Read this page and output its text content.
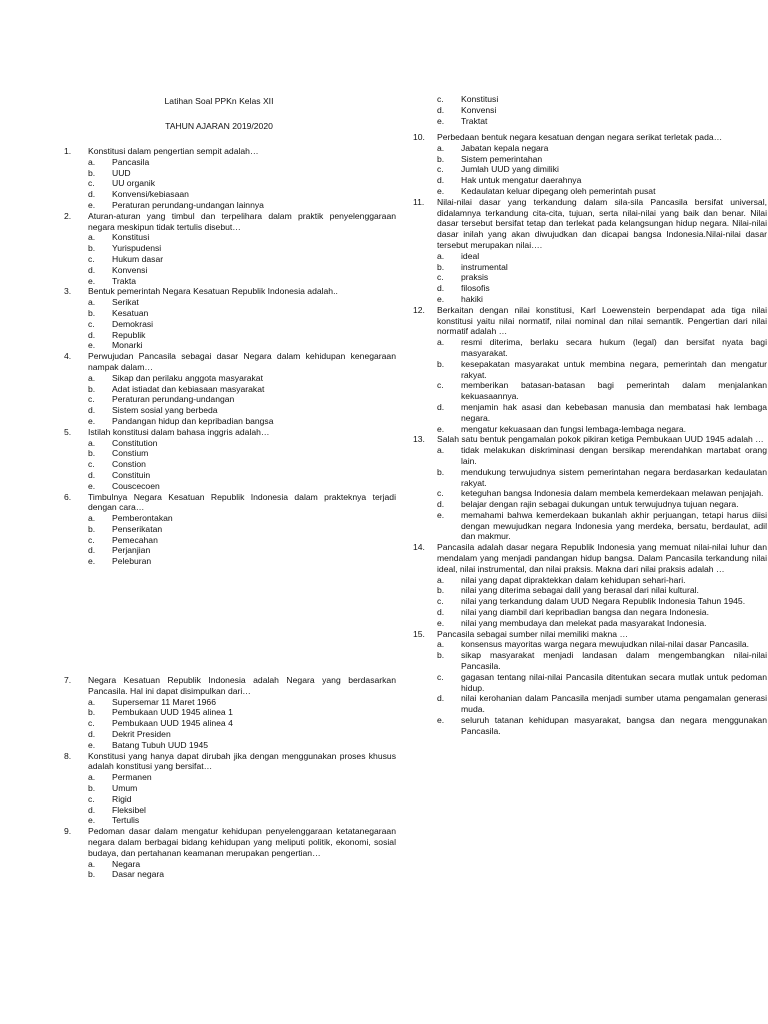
Latihan Soal PPKn Kelas XII
TAHUN AJARAN 2019/2020
1.	Konstitusi dalam pengertian sempit adalah…
a.	Pancasila
b.	UUD
c.	UU organik
d.	Konvensi/kebiasaan
e.	Peraturan perundang-undangan lainnya
2.	Aturan-aturan yang timbul dan terpelihara dalam praktik penyelenggaraan negara meskipun tidak tertulis disebut…
a.	Konstitusi
b.	Yurispudensi
c.	Hukum dasar
d.	Konvensi
e.	Trakta
3.	Bentuk pemerintah Negara Kesatuan Republik Indonesia adalah..
a.	Serikat
b.	Kesatuan
c.	Demokrasi
d.	Republik
e.	Monarki
4.	Perwujudan Pancasila sebagai dasar Negara dalam kehidupan kenegaraan nampak dalam…
a.	Sikap dan perilaku anggota masyarakat
b.	Adat istiadat dan kebiasaan masyarakat
c.	Peraturan perundang-undangan
d.	Sistem sosial yang berbeda
e.	Pandangan hidup dan kepribadian bangsa
5.	Istilah konstitusi dalam bahasa inggris adalah…
a.	Constitution
b.	Constium
c.	Constion
d.	Constituin
e.	Couscecoen
6.	Timbulnya Negara Kesatuan Republik Indonesia dalam prakteknya terjadi dengan cara…
a.	Pemberontakan
b.	Penserikatan
c.	Pemecahan
d.	Perjanjian
e.	Peleburan
7.	Negara Kesatuan Republik Indonesia adalah Negara yang berdasarkan Pancasila. Hal ini dapat disimpulkan dari…
a.	Supersemar 11 Maret 1966
b.	Pembukaan UUD 1945 alinea 1
c.	Pembukaan UUD 1945 alinea 4
d.	Dekrit Presiden
e.	Batang Tubuh UUD 1945
8.	Konstitusi yang hanya dapat dirubah jika dengan menggunakan proses khusus adalah konstitusi yang bersifat…
a.	Permanen
b.	Umum
c.	Rigid
d.	Fleksibel
e.	Tertulis
9.	Pedoman dasar dalam mengatur kehidupan penyelenggaraan ketatanegaraan negara dalam berbagai bidang kehidupan yang meliputi politik, ekonomi, sosial budaya, dan pertahanan keamanan merupakan pengertian…
a.	Negara
b.	Dasar negara
c.	Konstitusi
d.	Konvensi
e.	Traktat
10.	Perbedaan bentuk negara kesatuan dengan negara serikat terletak pada…
a.	Jabatan kepala negara
b.	Sistem pemerintahan
c.	Jumlah UUD yang dimiliki
d.	Hak untuk mengatur daerahnya
e.	Kedaulatan keluar dipegang oleh pemerintah pusat
11.	Nilai-nilai dasar yang terkandung dalam sila-sila Pancasila bersifat universal, didalamnya terkandung cita-cita, tujuan, serta nilai-nilai yang baik dan benar. Nilai dasar tersebut bersifat tetap dan terlekat pada kelangsungan hidup negara. Nilai-nilai dasar inilah yang akan diwujudkan dan dicapai bangsa Indonesia.Nilai-nilai dasar tersebut merupakan nilai….
a.	ideal
b.	instrumental
c.	praksis
d.	filosofis
e.	hakiki
12.	Berkaitan dengan nilai konstitusi, Karl Loewenstein berpendapat ada tiga nilai konstitusi yaitu nilai normatif, nilai nominal dan nilai semantik. Pengertian dari nilai normatif adalah …
a.	resmi diterima, berlaku secara hukum (legal) dan bersifat nyata bagi masyarakat.
b.	kesepakatan masyarakat untuk membina negara, pemerintah dan mengatur rakyat.
c.	memberikan batasan-batasan bagi pemerintah dalam menjalankan kekuasaannya.
d.	menjamin hak asasi dan kebebasan manusia dan membatasi hak lembaga negara.
e.	mengatur kekuasaan dan fungsi lembaga-lembaga negara.
13.	Salah satu bentuk pengamalan pokok pikiran ketiga Pembukaan UUD 1945 adalah …
a.	tidak melakukan diskriminasi dengan bersikap merendahkan martabat orang lain.
b.	mendukung terwujudnya sistem pemerintahan negara berdasarkan kedaulatan rakyat.
c.	keteguhan bangsa Indonesia dalam membela kemerdekaan melawan penjajah.
d.	belajar dengan rajin sebagai dukungan untuk terwujudnya tujuan negara.
e.	memahami bahwa kemerdekaan bukanlah akhir perjuangan, tetapi harus diisi dengan mewujudkan negara Indonesia yang merdeka, bersatu, berdaulat, adil dan makmur.
14.	Pancasila adalah dasar negara Republik Indonesia yang memuat nilai-nilai luhur dan mendalam yang menjadi pandangan hidup bangsa. Dalam Pancasila terkandung nilai ideal, nilai instrumental, dan nilai praksis. Makna dari nilai praksis adalah …
a.	nilai yang dapat dipraktekkan dalam kehidupan sehari-hari.
b.	nilai yang diterima sebagai dalil yang berasal dari nilai kultural.
c.	nilai yang terkandung dalam UUD Negara Republik Indonesia Tahun 1945.
d.	nilai yang diambil dari kepribadian bangsa dan negara Indonesia.
e.	nilai yang membudaya dan melekat pada masyarakat Indonesia.
15.	Pancasila sebagai sumber nilai memiliki makna …
a.	konsensus mayoritas warga negara mewujudkan nilai-nilai dasar Pancasila.
b.	sikap masyarakat menjadi landasan dalam mengembangkan nilai-nilai Pancasila.
c.	gagasan tentang nilai-nilai Pancasila ditentukan secara mutlak untuk pedoman hidup.
d.	nilai kerohanian dalam Pancasila menjadi sumber utama pengamalan generasi muda.
e.	seluruh tatanan kehidupan masyarakat, bangsa dan negara menggunakan Pancasila.
